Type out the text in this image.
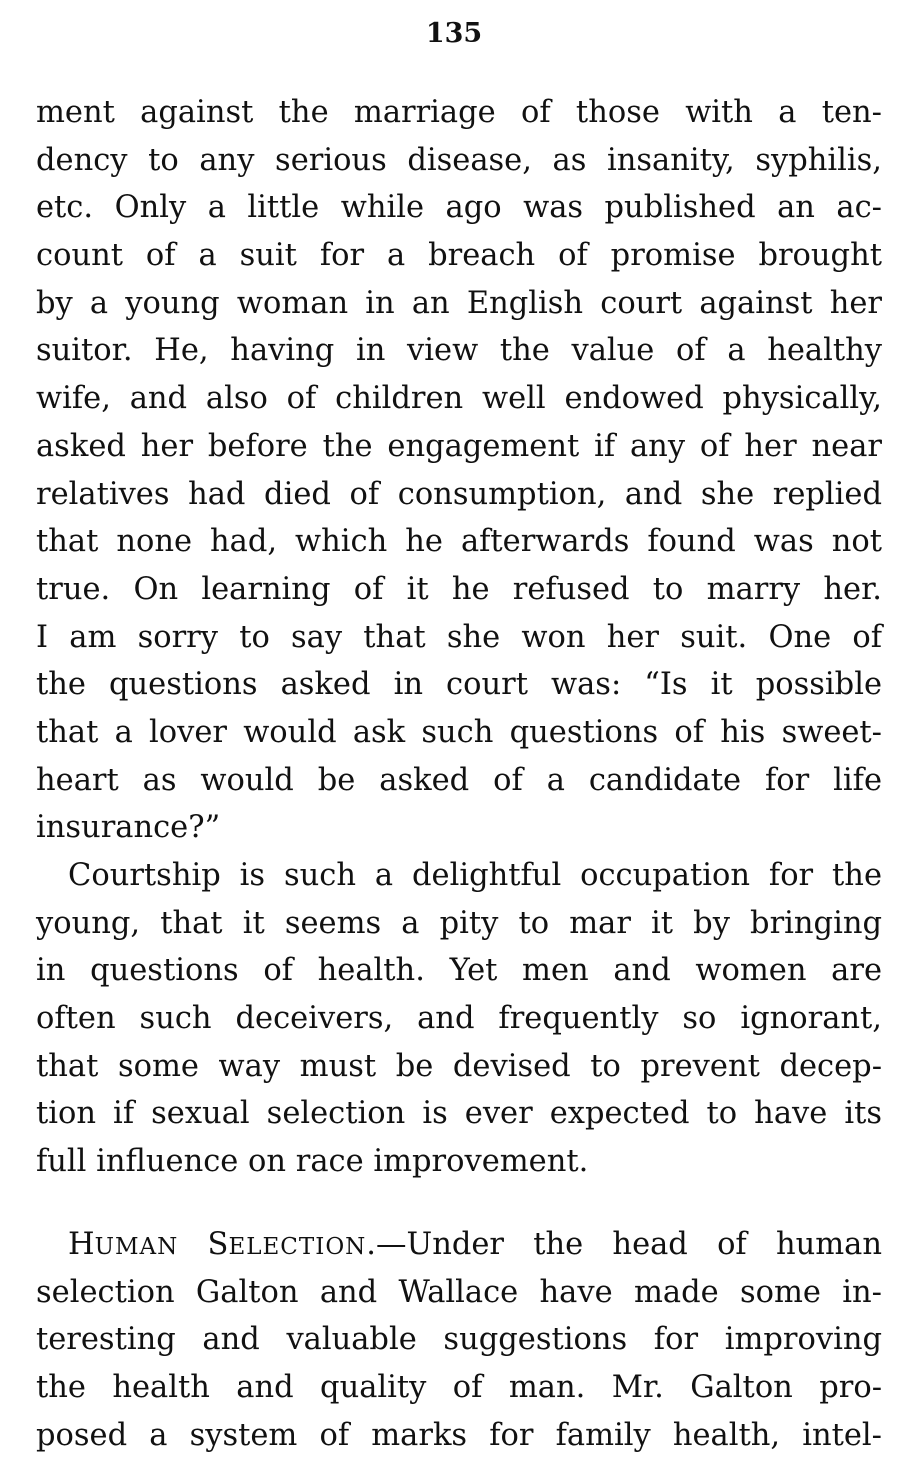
135
ment against the marriage of those with a ten-
dency to any serious disease, as insanity, syphilis,
etc. Only a little while ago was published an ac-
count of a suit for a breach of promise brought
by a young woman in an English court against her
suitor. He, having in view the value of a healthy
wife, and also of children well endowed physically,
asked her before the engagement if any of her near
relatives had died of consumption, and she replied
that none had, which he afterwards found was not
true. On learning of it he refused to marry her.
I am sorry to say that she won her suit. One of
the questions asked in court was: “Is it possible
that a lover would ask such questions of his sweet-
heart as would be asked of a candidate for life
insurance?”
Courtship is such a delightful occupation for the
young, that it seems a pity to mar it by bringing
in questions of health. Yet men and women are
often such deceivers, and frequently so ignorant,
that some way must be devised to prevent decep-
tion if sexual selection is ever expected to have its
full influence on race improvement.
HUMAN SELECTION.—Under the head of human
selection Galton and Wallace have made some in-
teresting and valuable suggestions for improving
the health and quality of man. Mr. Galton pro-
posed a system of marks for family health, intel-
